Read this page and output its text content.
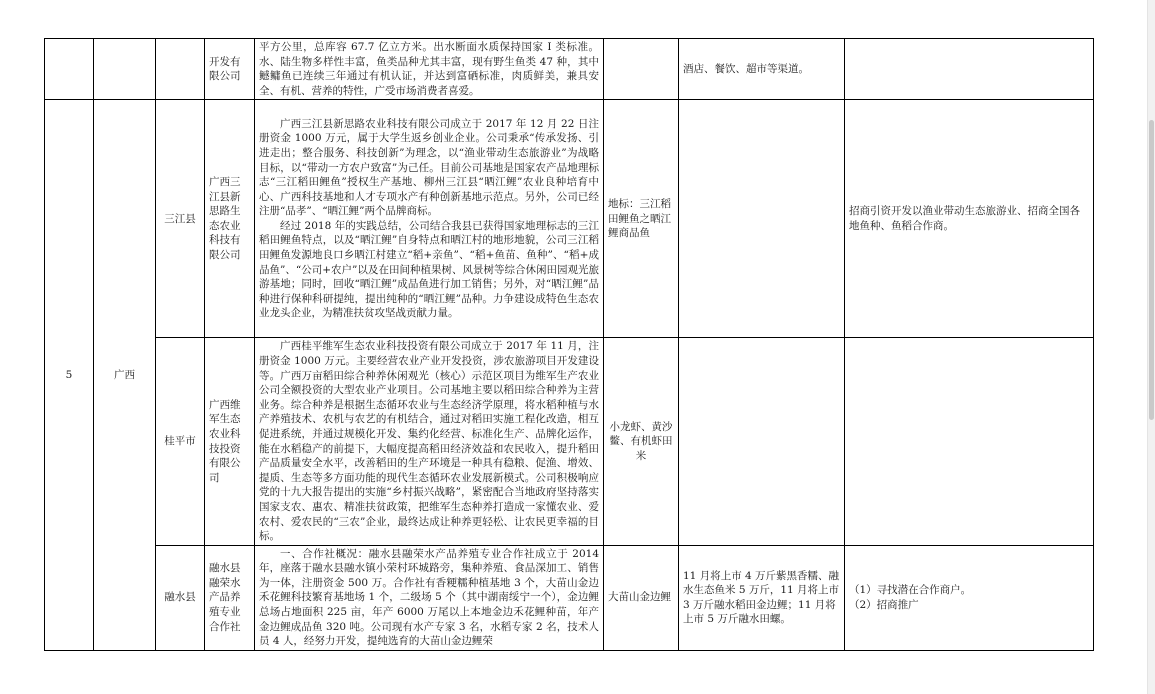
			开发有限公司	平方公里，总库容 67.7 亿立方米。出水断面水质保持国家 I 类标准。水、陆生物多样性丰富，鱼类品种尤其丰富，现有野生鱼类 47 种，其中鳡鳙鱼已连续三年通过有机认证，并达到富硒标准，肉质鲜美，兼具安全、有机、营养的特性，广受市场消费者喜爱。		酒店、餐饮、超市等渠道。	

5	广西	三江县	广西三江县新思路生态农业科技有限公司	广西三江县新思路农业科技有限公司成立于 2017 年 12 月 22 日注册资金 1000 万元，属于大学生返乡创业企业。公司秉承“传承发扬、引进走出；整合服务、科技创新”为理念，以“渔业带动生态旅游业”为战略目标，以“带动一方农户致富”为己任。目前公司基地是国家农产品地理标志“三江稻田鲤鱼”授权生产基地、柳州三江县“晒江鲤”农业良种培育中心、广西科技基地和人才专项水产有种创新基地示范点。另外，公司已经注册“品孝”、“晒江鲤”两个品牌商标。

经过 2018 年的实践总结，公司结合我县已获得国家地理标志的三江稻田鲤鱼特点，以及“晒江鲤”自身特点和晒江村的地形地貌，公司三江稻田鲤鱼发源地良口乡晒江村建立“稻+亲鱼”、“稻+鱼苗、鱼种”、“稻+成品鱼”、“公司+农户”以及在田间种植果树、风景树等综合休闲田园观光旅游基地；同时，回收“晒江鲤”成品鱼进行加工销售；另外，对“晒江鲤”品种进行保种科研提纯，提出纯种的“晒江鲤”品种。力争建设成特色生态农业龙头企业，为精准扶贫攻坚战贡献力量。	地标：三江稻田鲤鱼之晒江鲤商品鱼		招商引资开发以渔业带动生态旅游业、招商全国各地鱼种、鱼稻合作商。

		桂平市	广西维军生态农业科技投资有限公司	广西桂平维军生态农业科技投资有限公司成立于 2017 年 11 月，注册资金 1000 万元。主要经营农业产业开发投资，涉农旅游项目开发建设等。广西万亩稻田综合种养休闲观光（核心）示范区项目为维军生产农业公司全额投资的大型农业产业项目。公司基地主要以稻田综合种养为主营业务。综合种养是根据生态循环农业与生态经济学原理，将水稻种植与水产养殖技术、农机与农艺的有机结合，通过对稻田实施工程化改造，相互促进系统，并通过规模化开发、集约化经营、标准化生产、品牌化运作，能在水稻稳产的前提下，大幅度提高稻田经济效益和农民收入，提升稻田产品质量安全水平，改善稻田的生产环境是一种具有稳粮、促渔、增效、提质、生态等多方面功能的现代生态循环农业发展新模式。公司积极响应党的十九大报告提出的实施“乡村振兴战略”，紧密配合当地政府坚持落实国家支农、惠农、精准扶贫政策，把维军生态种养打造成一家懂农业、爱农村、爱农民的“三农”企业，最终达成让种养更轻松、让农民更幸福的目标。	小龙虾、黄沙鳖、有机虾田米		

		融水县	融水县融荣水产品养殖专业合作社	一、合作社概况：融水县融荣水产品养殖专业合作社成立于 2014 年，座落于融水县融水镇小荣村环城路旁，集种养殖、食品深加工、销售为一体，注册资金 500 万。合作社有香粳糯种植基地 3 个，大苗山金边禾花鲤科技繁育基地场 1 个，二级场 5 个（其中湖南绥宁一个），金边鲤总场占地面积 225 亩，年产 6000 万尾以上本地金边禾花鲤种苗，年产金边鲤成品鱼 320 吨。公司现有水产专家 3 名，水稻专家 2 名，技术人员 4 人，经努力开发，提纯选育的大苗山金边鲤荣	大苗山金边鲤	11 月将上市 4 万斤紫黑香糯、融水生态鱼米 5 万斤，11 月将上市 3 万斤融水稻田金边鲤；11 月将上市 5 万斤融水田螺。	（1）寻找潜在合作商户。
（2）招商推广
